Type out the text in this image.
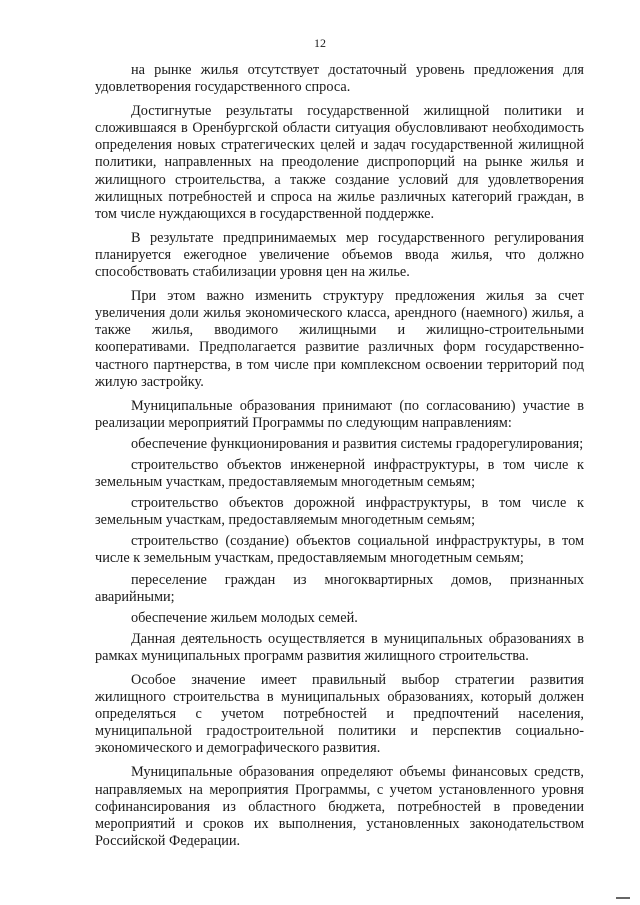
12

на рынке жилья отсутствует достаточный уровень предложения для удовлетворения государственного спроса.

Достигнутые результаты государственной жилищной политики и сложившаяся в Оренбургской области ситуация обусловливают необходимость определения новых стратегических целей и задач государственной жилищной политики, направленных на преодоление диспропорций на рынке жилья и жилищного строительства, а также создание условий для удовлетворения жилищных потребностей и спроса на жилье различных категорий граждан, в том числе нуждающихся в государственной поддержке.

В результате предпринимаемых мер государственного регулирования планируется ежегодное увеличение объемов ввода жилья, что должно способствовать стабилизации уровня цен на жилье.

При этом важно изменить структуру предложения жилья за счет увеличения доли жилья экономического класса, арендного (наемного) жилья, а также жилья, вводимого жилищными и жилищно-строительными кооперативами. Предполагается развитие различных форм государственно-частного партнерства, в том числе при комплексном освоении территорий под жилую застройку.

Муниципальные образования принимают (по согласованию) участие в реализации мероприятий Программы по следующим направлениям:

обеспечение функционирования и развития системы градорегулирования;
строительство объектов инженерной инфраструктуры, в том числе к земельным участкам, предоставляемым многодетным семьям;
строительство объектов дорожной инфраструктуры, в том числе к земельным участкам, предоставляемым многодетным семьям;
строительство (создание) объектов социальной инфраструктуры, в том числе к земельным участкам, предоставляемым многодетным семьям;
переселение граждан из многоквартирных домов, признанных аварийными;
обеспечение жильем молодых семей.

Данная деятельность осуществляется в муниципальных образованиях в рамках муниципальных программ развития жилищного строительства.

Особое значение имеет правильный выбор стратегии развития жилищного строительства в муниципальных образованиях, который должен определяться с учетом потребностей и предпочтений населения, муниципальной градостроительной политики и перспектив социально-экономического и демографического развития.

Муниципальные образования определяют объемы финансовых средств, направляемых на мероприятия Программы, с учетом установленного уровня софинансирования из областного бюджета, потребностей в проведении мероприятий и сроков их выполнения, установленных законодательством Российской Федерации.
